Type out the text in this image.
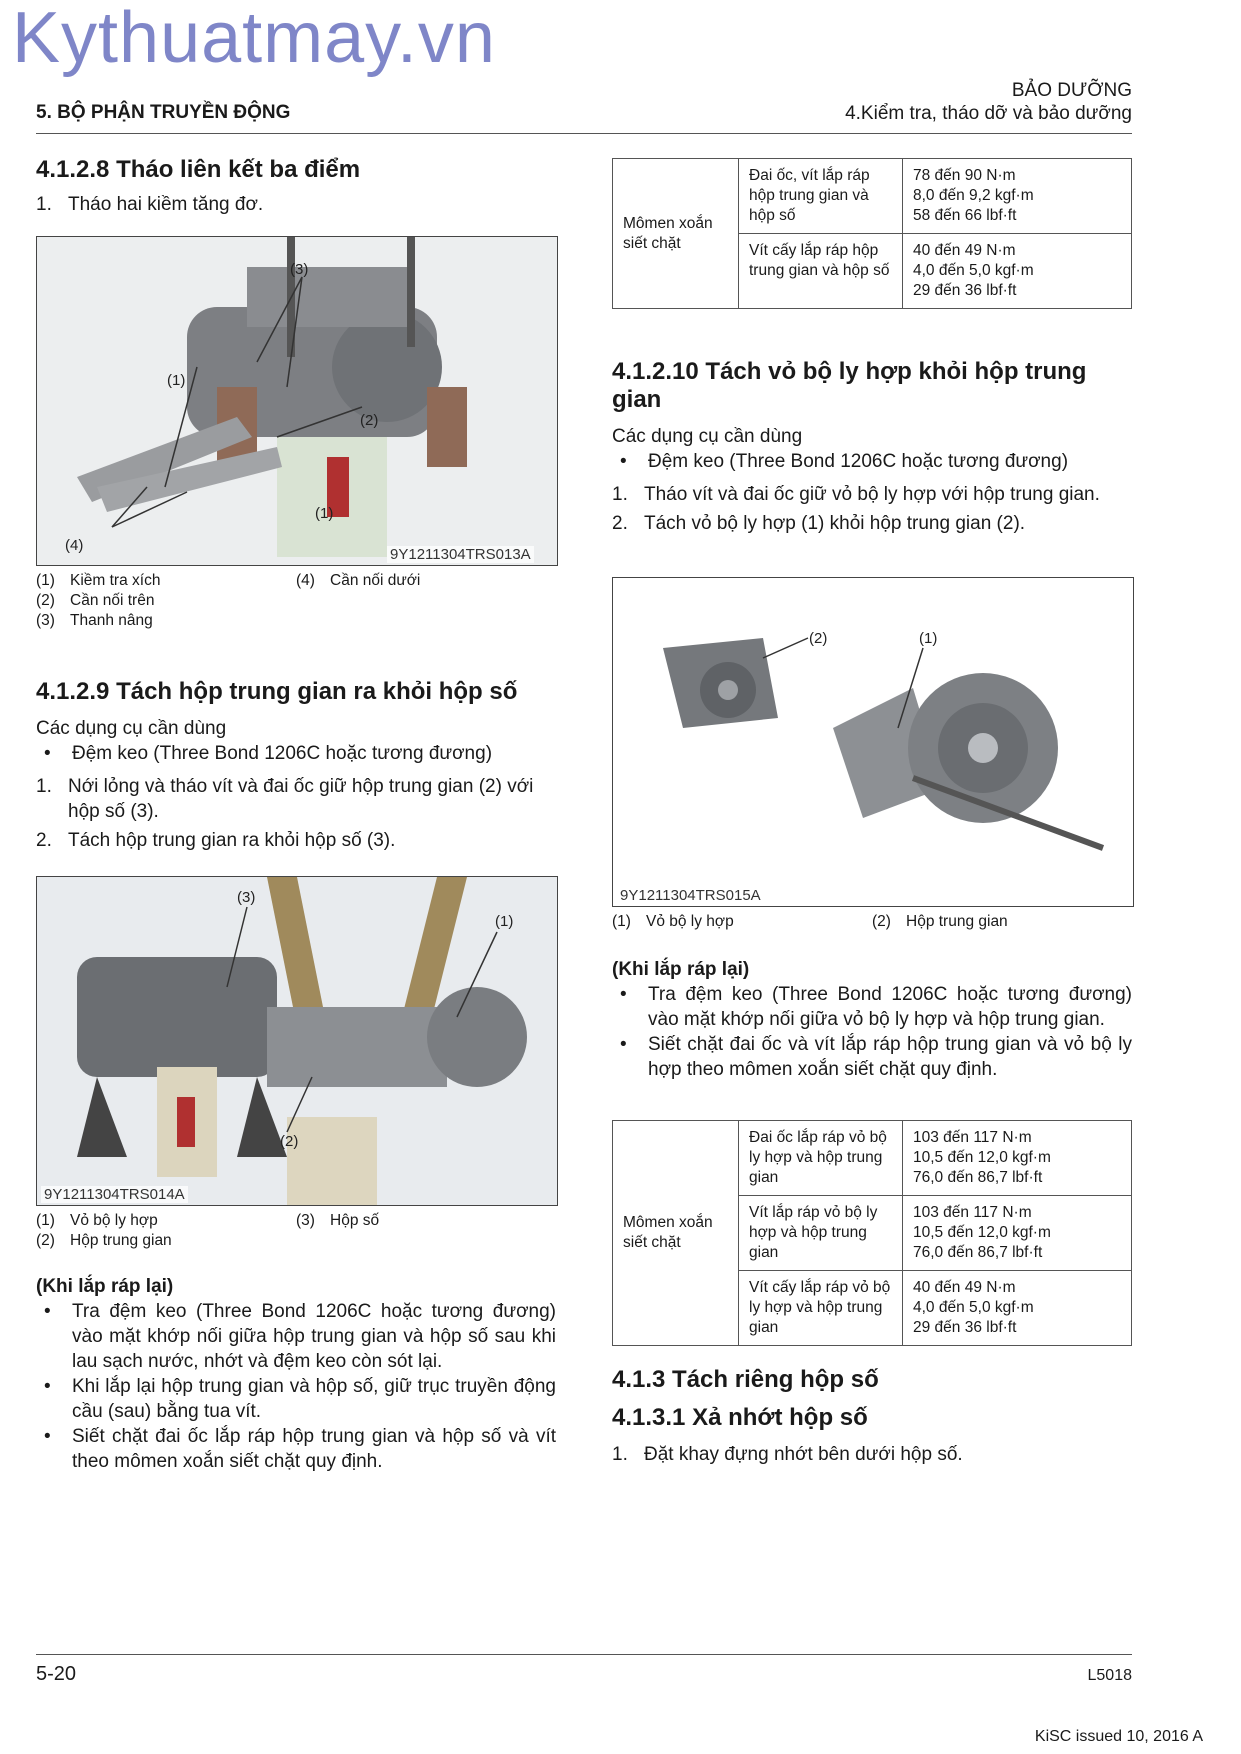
Kythuatmay.vn
5. BỘ PHẬN TRUYỀN ĐỘNG
BẢO DƯỠNG
4.Kiểm tra, tháo dỡ và bảo dưỡng
4.1.2.8 Tháo liên kết ba điểm
1. Tháo hai kiềm tăng đơ.
(3)
(1)
(2)
(4)
(1)
9Y1211304TRS013A
(1) Kiềm tra xích	(4) Cần nối dưới
(2) Cần nối trên
(3) Thanh nâng
4.1.2.9 Tách hộp trung gian ra khỏi hộp số
Các dụng cụ cần dùng
• Đệm keo (Three Bond 1206C hoặc tương đương)
1. Nới lỏng và tháo vít và đai ốc giữ hộp trung gian (2) với hộp số (3).
2. Tách hộp trung gian ra khỏi hộp số (3).
(3)
(1)
(2)
9Y1211304TRS014A
(1) Vỏ bộ ly hợp	(3) Hộp số
(2) Hộp trung gian
(Khi lắp ráp lại)
• Tra đệm keo (Three Bond 1206C hoặc tương đương) vào mặt khớp nối giữa hộp trung gian và hộp số sau khi lau sạch nước, nhớt và đệm keo còn sót lại.
• Khi lắp lại hộp trung gian và hộp số, giữ trục truyền động cầu (sau) bằng tua vít.
• Siết chặt đai ốc lắp ráp hộp trung gian và hộp số và vít theo mômen xoắn siết chặt quy định.
Mômen xoắn siết chặt	Đai ốc, vít lắp ráp hộp trung gian và hộp số	78 đến 90 N·m
8,0 đến 9,2 kgf·m
58 đến 66 lbf·ft

	Vít cấy lắp ráp hộp trung gian và hộp số	40 đến 49 N·m
4,0 đến 5,0 kgf·m
29 đến 36 lbf·ft
4.1.2.10 Tách vỏ bộ ly hợp khỏi hộp trung gian
Các dụng cụ cần dùng
• Đệm keo (Three Bond 1206C hoặc tương đương)
1. Tháo vít và đai ốc giữ vỏ bộ ly hợp với hộp trung gian.
2. Tách vỏ bộ ly hợp (1) khỏi hộp trung gian (2).
(2)	(1)
9Y1211304TRS015A
(1) Vỏ bộ ly hợp	(2) Hộp trung gian
(Khi lắp ráp lại)
• Tra đệm keo (Three Bond 1206C hoặc tương đương) vào mặt khớp nối giữa vỏ bộ ly hợp và hộp trung gian.
• Siết chặt đai ốc và vít lắp ráp hộp trung gian và vỏ bộ ly hợp theo mômen xoắn siết chặt quy định.
Mômen xoắn siết chặt	Đai ốc lắp ráp vỏ bộ ly hợp và hộp trung gian	103 đến 117 N·m
10,5 đến 12,0 kgf·m
76,0 đến 86,7 lbf·ft

	Vít lắp ráp vỏ bộ ly hợp và hộp trung gian	103 đến 117 N·m
10,5 đến 12,0 kgf·m
76,0 đến 86,7 lbf·ft

	Vít cấy lắp ráp vỏ bộ ly hợp và hộp trung gian	40 đến 49 N·m
4,0 đến 5,0 kgf·m
29 đến 36 lbf·ft
4.1.3 Tách riêng hộp số
4.1.3.1 Xả nhớt hộp số
1. Đặt khay đựng nhớt bên dưới hộp số.
5-20	L5018
KiSC issued 10, 2016 A
